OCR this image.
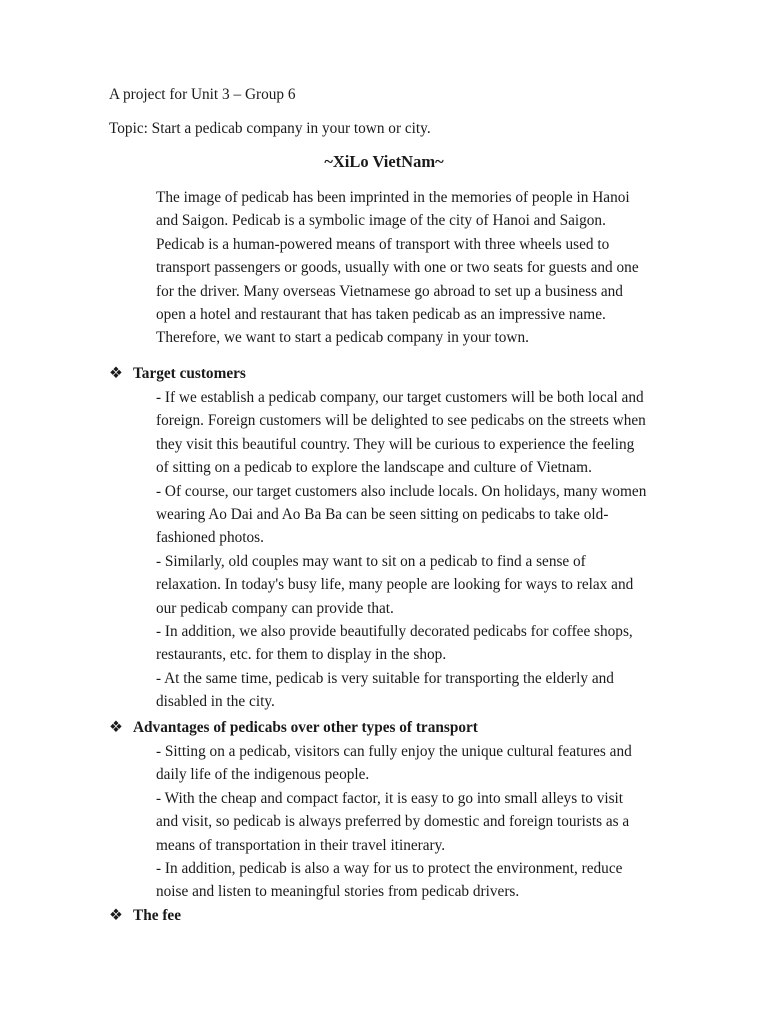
A project for Unit 3 – Group 6
Topic: Start a pedicab company in your town or city.
~XiLo VietNam~

The image of pedicab has been imprinted in the memories of people in Hanoi

and Saigon. Pedicab is a symbolic image of the city of Hanoi and Saigon.

Pedicab is a human-powered means of transport with three wheels used to

transport passengers or goods, usually with one or two seats for guests and one

for the driver. Many overseas Vietnamese go abroad to set up a business and

open a hotel and restaurant that has taken pedicab as an impressive name.

Therefore, we want to start a pedicab company in your town.

❖ Target customers

- If we establish a pedicab company, our target customers will be both local and

foreign. Foreign customers will be delighted to see pedicabs on the streets when

they visit this beautiful country. They will be curious to experience the feeling

of sitting on a pedicab to explore the landscape and culture of Vietnam.

- Of course, our target customers also include locals. On holidays, many women

wearing Ao Dai and Ao Ba Ba can be seen sitting on pedicabs to take old-

fashioned photos.

- Similarly, old couples may want to sit on a pedicab to find a sense of

relaxation. In today's busy life, many people are looking for ways to relax and

our pedicab company can provide that.

- In addition, we also provide beautifully decorated pedicabs for coffee shops,

restaurants, etc. for them to display in the shop.

- At the same time, pedicab is very suitable for transporting the elderly and

disabled in the city.

❖ Advantages of pedicabs over other types of transport

- Sitting on a pedicab, visitors can fully enjoy the unique cultural features and

daily life of the indigenous people.

- With the cheap and compact factor, it is easy to go into small alleys to visit

and visit, so pedicab is always preferred by domestic and foreign tourists as a

means of transportation in their travel itinerary.

- In addition, pedicab is also a way for us to protect the environment, reduce

noise and listen to meaningful stories from pedicab drivers.

❖ The fee
